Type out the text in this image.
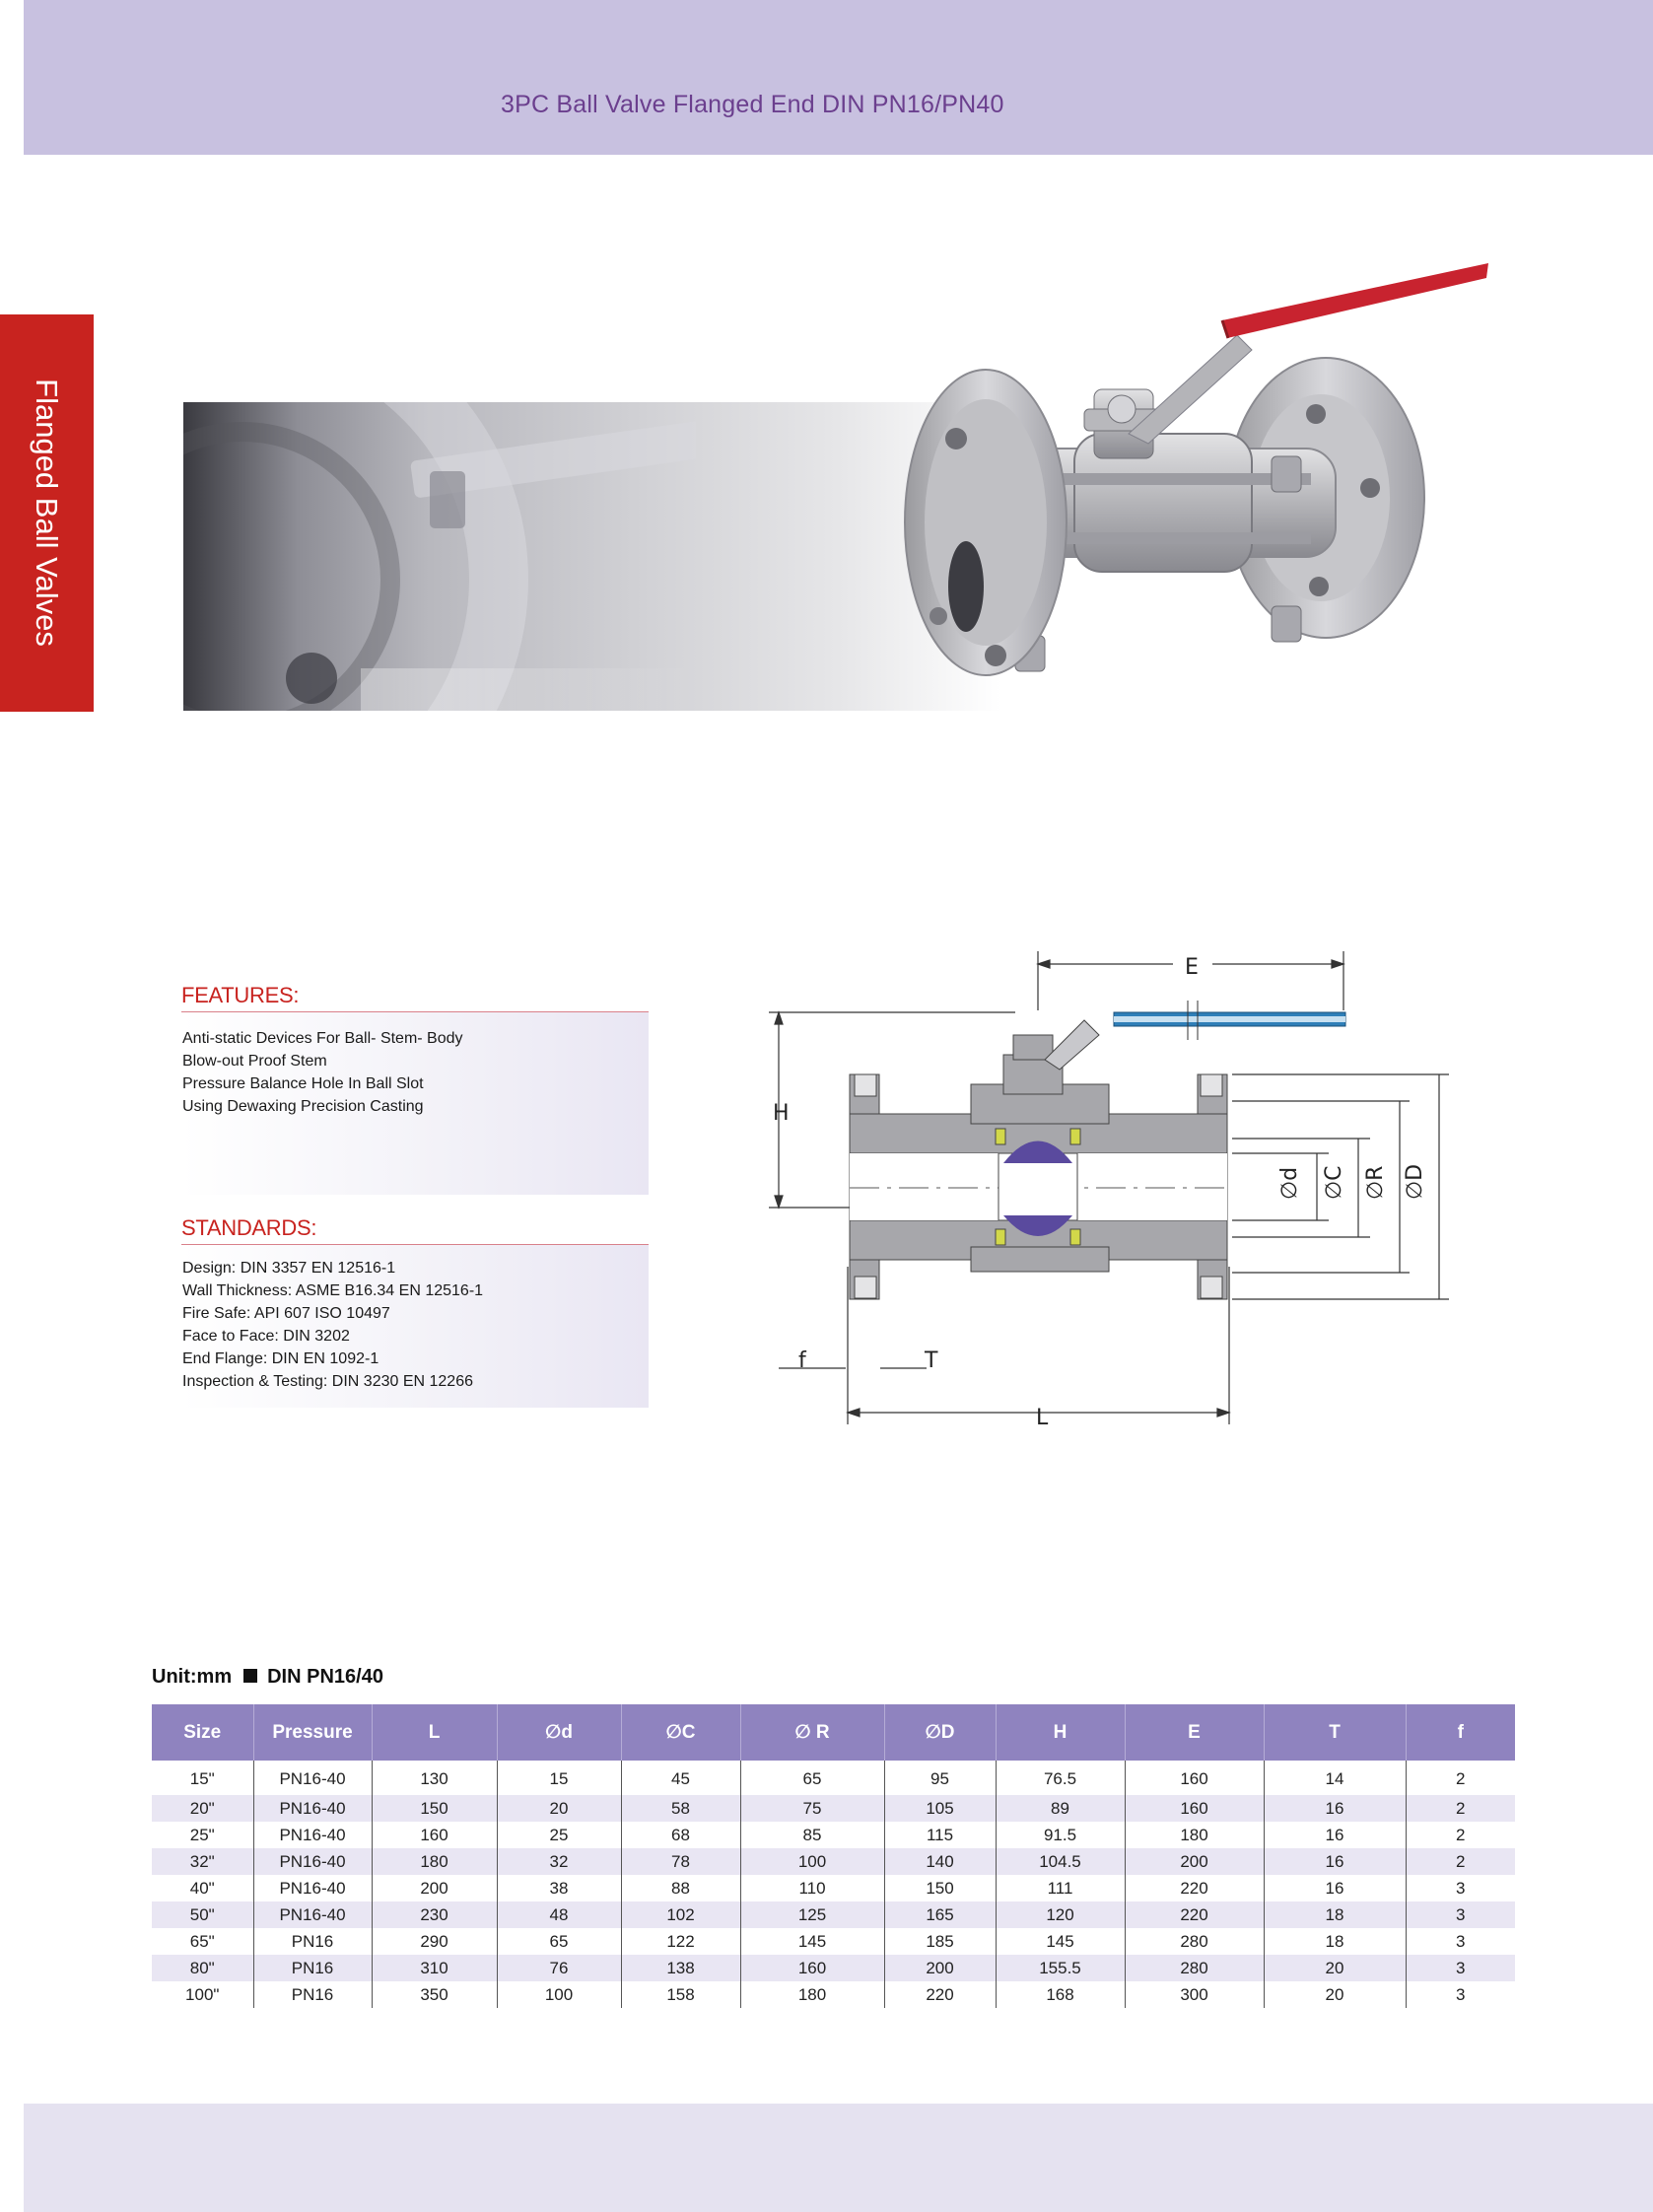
3PC Ball Valve Flanged End DIN PN16/PN40
Flanged Ball Valves
FEATURES:
Anti-static Devices For Ball- Stem- Body
Blow-out Proof Stem
Pressure Balance Hole In Ball Slot
Using Dewaxing Precision Casting
STANDARDS:
Design: DIN 3357 EN 12516-1
Wall Thickness: ASME B16.34 EN 12516-1
Fire Safe: API 607 ISO 10497
Face to Face: DIN 3202
End Flange: DIN EN 1092-1
Inspection & Testing: DIN 3230 EN 12266
E
H
f	T
L
∅d ∅C ∅R ∅D
Unit:mm DIN PN16/40
Size	Pressure	L	∅d	∅C	∅ R	∅D	H	E	T	f
15"	PN16-40	130	15	45	65	95	76.5	160	14	2
20"	PN16-40	150	20	58	75	105	89	160	16	2
25"	PN16-40	160	25	68	85	115	91.5	180	16	2
32"	PN16-40	180	32	78	100	140	104.5	200	16	2
40"	PN16-40	200	38	88	110	150	111	220	16	3
50"	PN16-40	230	48	102	125	165	120	220	18	3
65"	PN16	290	65	122	145	185	145	280	18	3
80"	PN16	310	76	138	160	200	155.5	280	20	3
100"	PN16	350	100	158	180	220	168	300	20	3
